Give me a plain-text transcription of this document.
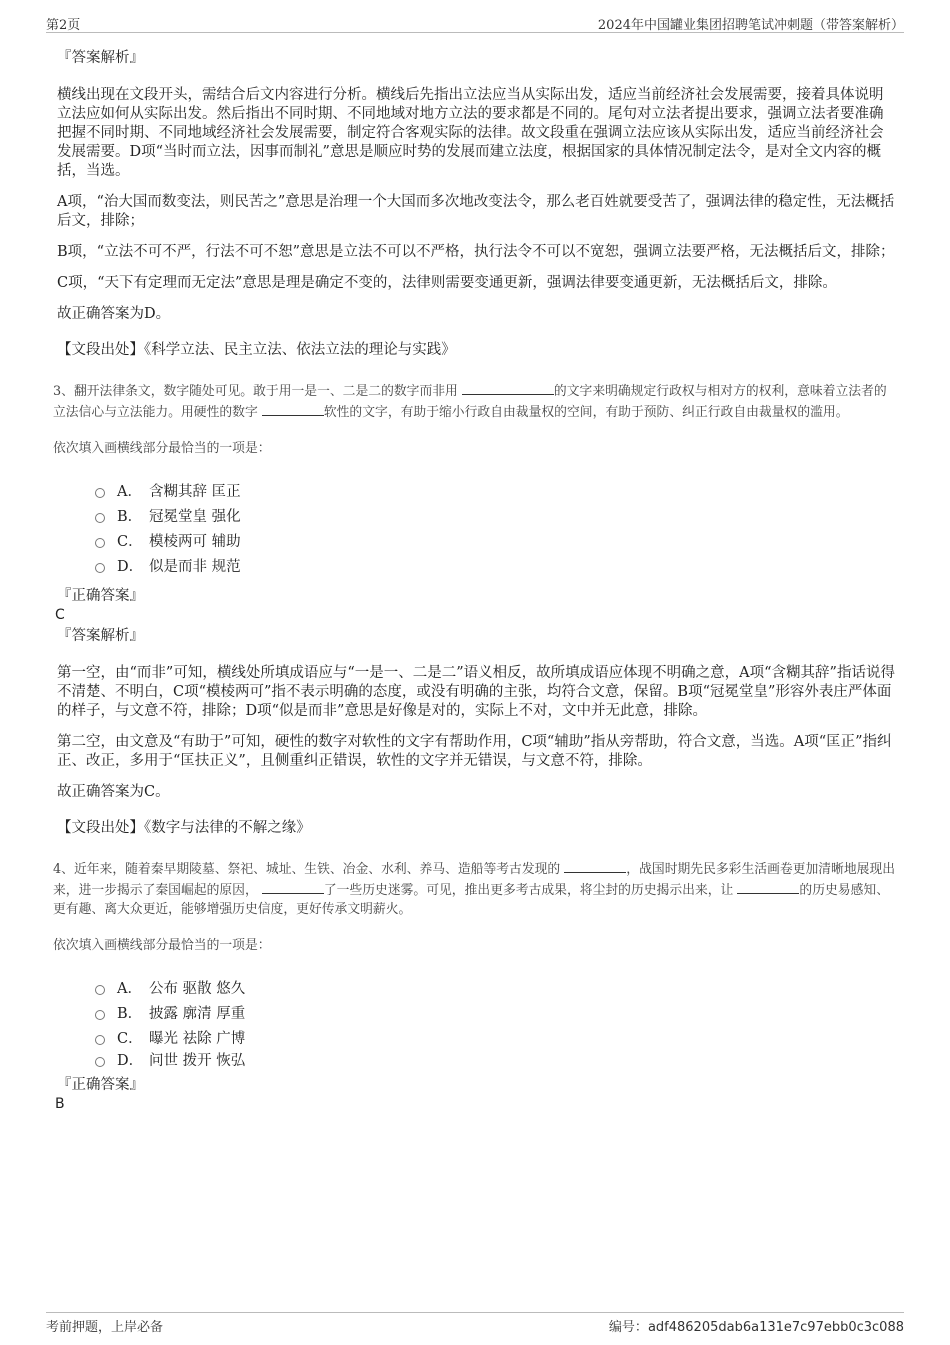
第2页	2024年中国罐业集团招聘笔试冲刺题（带答案解析）
『答案解析』

横线出现在文段开头，需结合后文内容进行分析。横线后先指出立法应当从实际出发，适应当前经济社会发展需要，接着具体说明立法应如何从实际出发。然后指出不同时期、不同地域对地方立法的要求都是不同的。尾句对立法者提出要求，强调立法者要准确把握不同时期、不同地域经济社会发展需要，制定符合客观实际的法律。故文段重在强调立法应该从实际出发，适应当前经济社会发展需要。D项“当时而立法，因事而制礼”意思是顺应时势的发展而建立法度，根据国家的具体情况制定法令，是对全文内容的概括，当选。

A项，“治大国而数变法，则民苦之”意思是治理一个大国而多次地改变法令，那么老百姓就要受苦了，强调法律的稳定性，无法概括后文，排除；

B项，“立法不可不严，行法不可不恕”意思是立法不可以不严格，执行法令不可以不宽恕，强调立法要严格，无法概括后文，排除；

C项，“天下有定理而无定法”意思是理是确定不变的，法律则需要变通更新，强调法律要变通更新，无法概括后文，排除。

故正确答案为D。

【文段出处】《科学立法、民主立法、依法立法的理论与实践》

3、翻开法律条文，数字随处可见。敢于用一是一、二是二的数字而非用	的文字来明确规定行政权与相对方的权利，意味着立法者的立法信心与立法能力。用硬性的数字	软性的文字，有助于缩小行政自由裁量权的空间，有助于预防、纠正行政自由裁量权的滥用。
依次填入画横线部分最恰当的一项是：
A． 含糊其辞 匡正
B． 冠冕堂皇 强化
C． 模棱两可 辅助
D． 似是而非 规范
『正确答案』
C
『答案解析』

第一空，由“而非”可知，横线处所填成语应与“一是一、二是二”语义相反，故所填成语应体现不明确之意，A项“含糊其辞”指话说得不清楚、不明白，C项“模棱两可”指不表示明确的态度，或没有明确的主张，均符合文意，保留。B项“冠冕堂皇”形容外表庄严体面的样子，与文意不符，排除；D项“似是而非”意思是好像是对的，实际上不对，文中并无此意，排除。

第二空，由文意及“有助于”可知，硬性的数字对软性的文字有帮助作用，C项“辅助”指从旁帮助，符合文意，当选。A项“匡正”指纠正、改正，多用于“匡扶正义”，且侧重纠正错误，软性的文字并无错误，与文意不符，排除。

故正确答案为C。

【文段出处】《数字与法律的不解之缘》

4、近年来，随着秦早期陵墓、祭祀、城址、生铁、冶金、水利、养马、造船等考古发现的	，战国时期先民多彩生活画卷更加清晰地展现出来，进一步揭示了秦国崛起的原因，	了一些历史迷雾。可见，推出更多考古成果，将尘封的历史揭示出来，让	的历史易感知、更有趣、离大众更近，能够增强历史信度，更好传承文明薪火。
依次填入画横线部分最恰当的一项是：
A． 公布 驱散 悠久
B． 披露 廓清 厚重
C． 曝光 祛除 广博
D． 问世 拨开 恢弘
『正确答案』
B
考前押题，上岸必备	编号：adf486205dab6a131e7c97ebb0c3c088
